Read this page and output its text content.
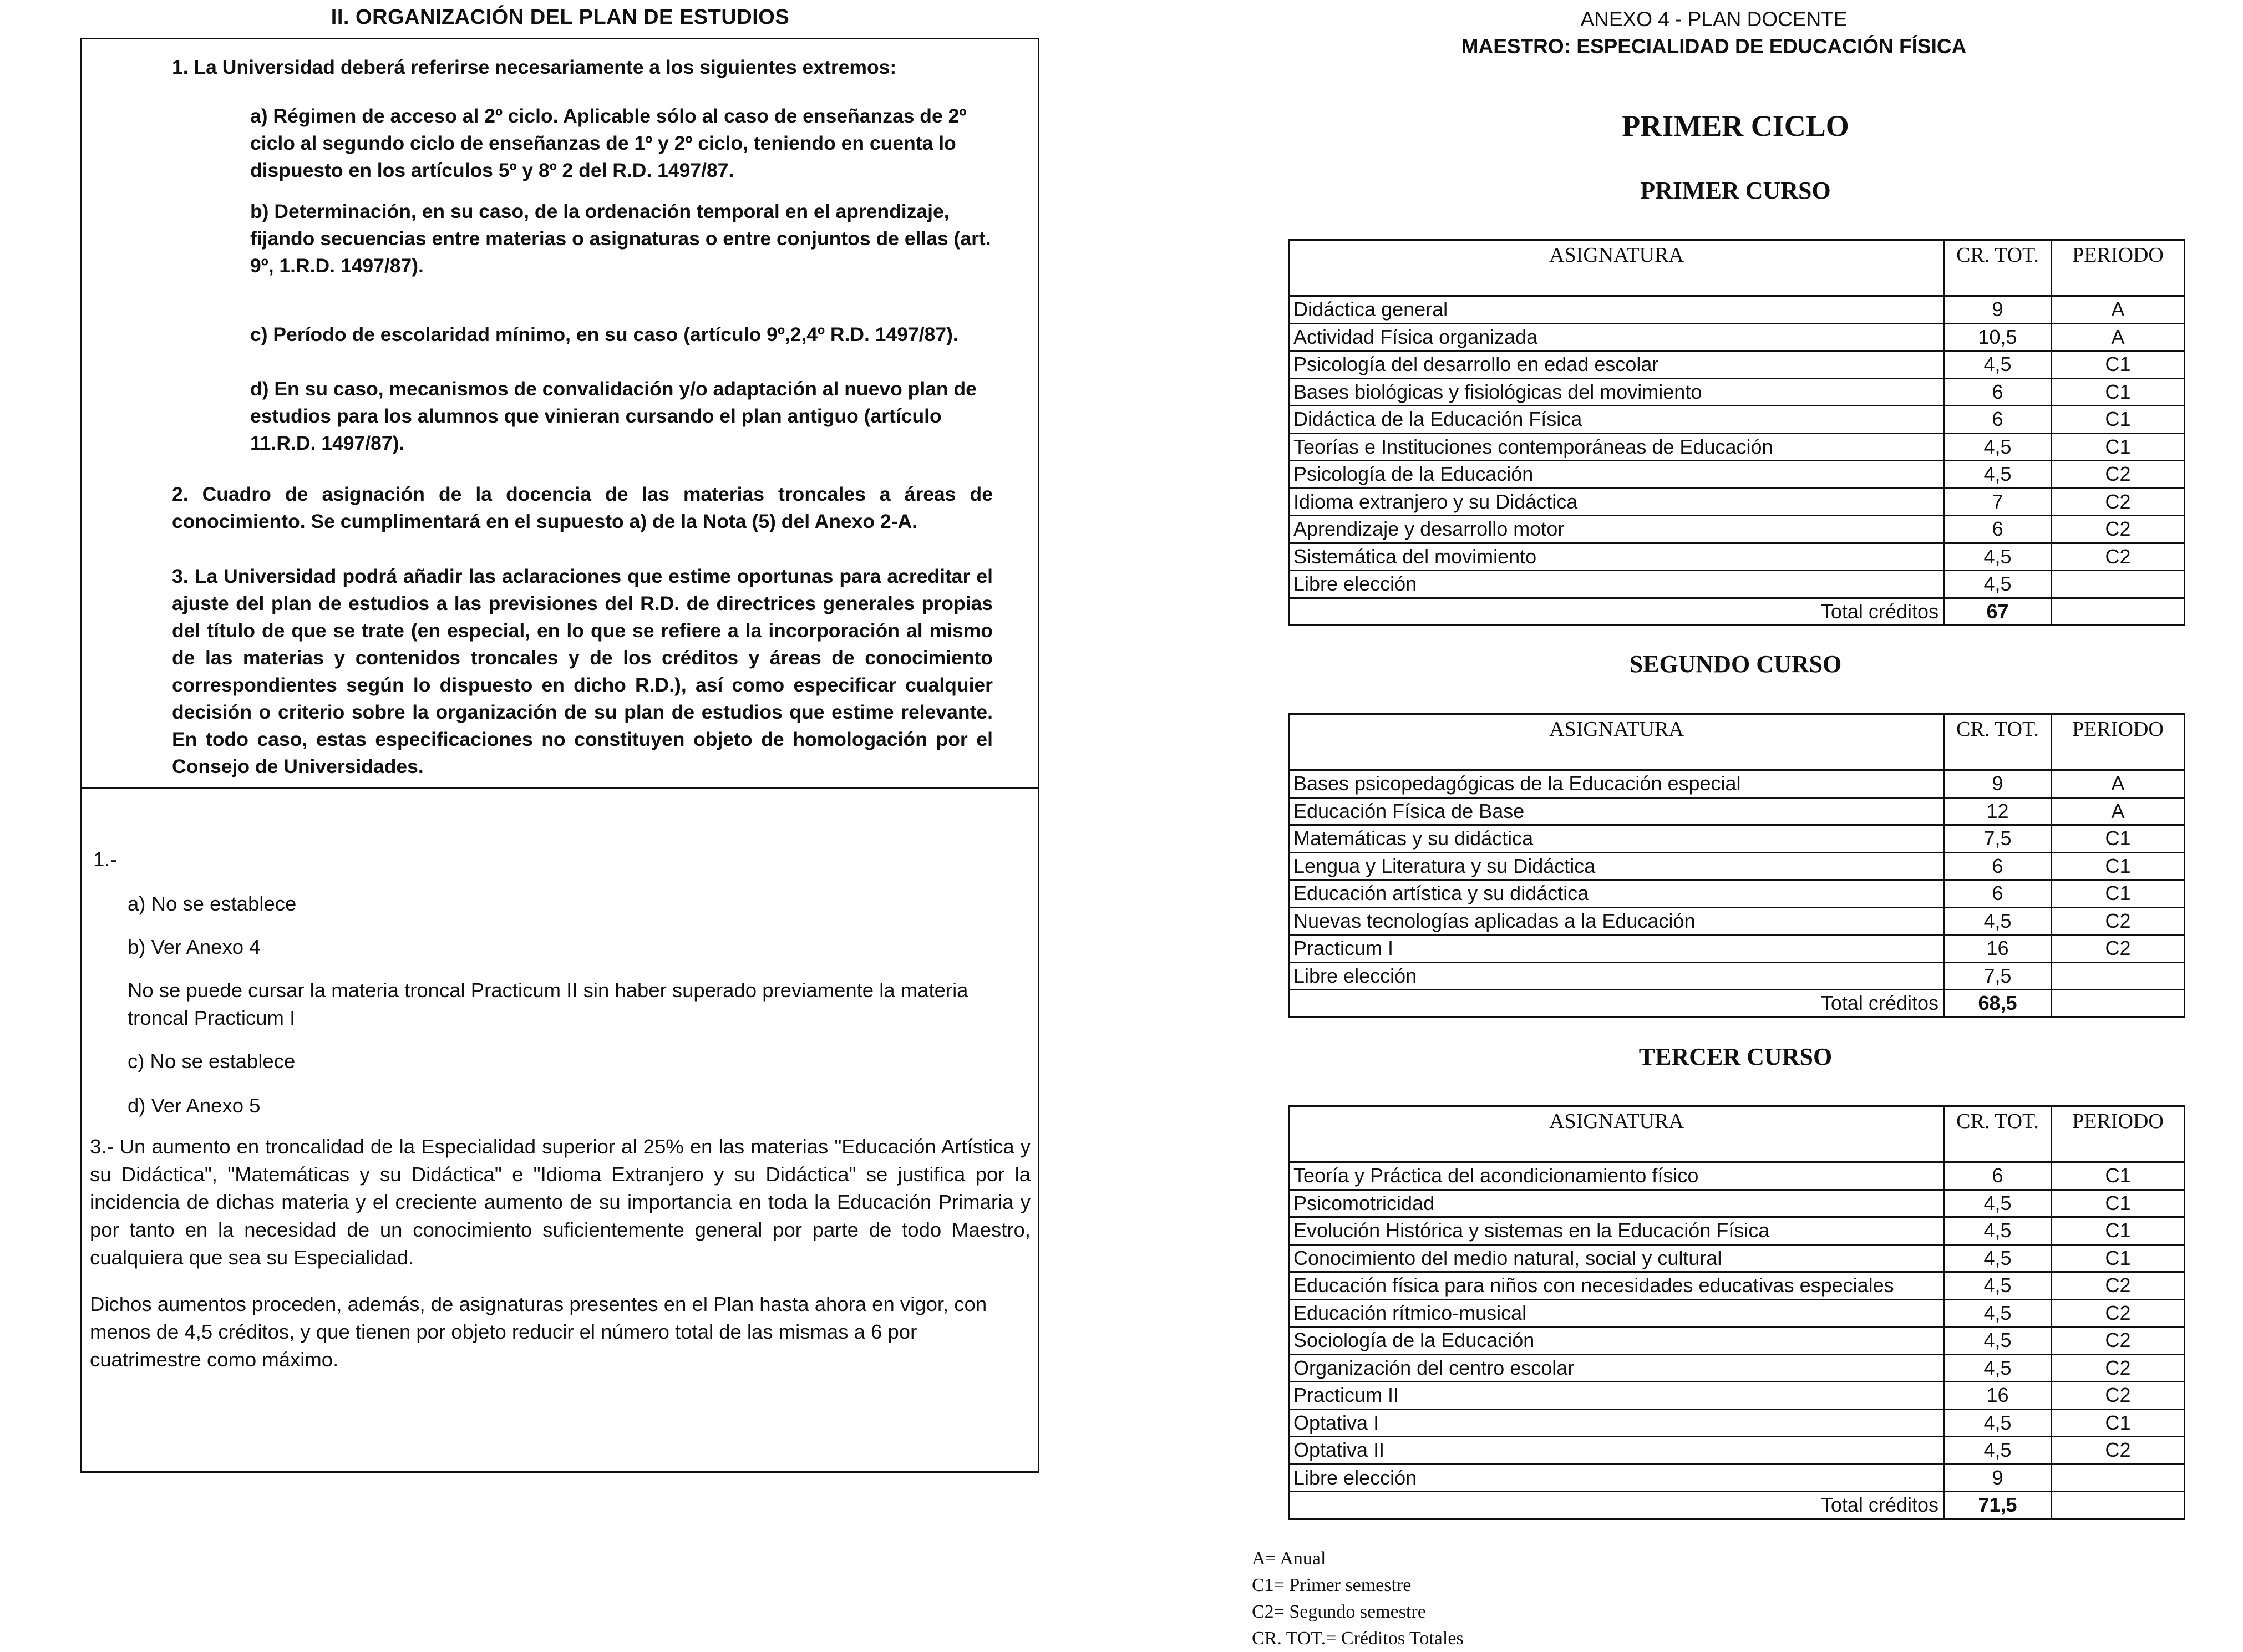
II. ORGANIZACIÓN DEL PLAN DE ESTUDIOS
1. La Universidad deberá referirse necesariamente a los siguientes extremos:
a) Régimen de acceso al 2º ciclo. Aplicable sólo al caso de enseñanzas de 2º ciclo al segundo ciclo de enseñanzas de 1º y 2º ciclo, teniendo en cuenta lo dispuesto en los artículos 5º y 8º 2 del R.D. 1497/87.
b) Determinación, en su caso, de la ordenación temporal en el aprendizaje, fijando secuencias entre materias o asignaturas o entre conjuntos de ellas (art. 9º, 1.R.D. 1497/87).
c) Período de escolaridad mínimo, en su caso (artículo 9º,2,4º R.D. 1497/87).
d) En su caso, mecanismos de convalidación y/o adaptación al nuevo plan de estudios para los alumnos que vinieran cursando el plan antiguo (artículo 11.R.D. 1497/87).
2. Cuadro de asignación de la docencia de las materias troncales a áreas de conocimiento. Se cumplimentará en el supuesto a) de la Nota (5) del Anexo 2-A.
3. La Universidad podrá añadir las aclaraciones que estime oportunas para acreditar el ajuste del plan de estudios a las previsiones del R.D. de directrices generales propias del título de que se trate (en especial, en lo que se refiere a la incorporación al mismo de las materias y contenidos troncales y de los créditos y áreas de conocimiento correspondientes según lo dispuesto en dicho R.D.), así como especificar cualquier decisión o criterio sobre la organización de su plan de estudios que estime relevante. En todo caso, estas especificaciones no constituyen objeto de homologación por el Consejo de Universidades.
1.-
a) No se establece
b) Ver Anexo 4
No se puede cursar la materia troncal Practicum II sin haber superado previamente la materia troncal Practicum I
c) No se establece
d) Ver Anexo 5
3.- Un aumento en troncalidad de la Especialidad superior al 25% en las materias "Educación Artística y su Didáctica", "Matemáticas y su Didáctica" e "Idioma Extranjero y su Didáctica" se justifica por la incidencia de dichas materia y el creciente aumento de su importancia en toda la Educación Primaria y por tanto en la necesidad de un conocimiento suficientemente general por parte de todo Maestro, cualquiera que sea su Especialidad.
Dichos aumentos proceden, además, de asignaturas presentes en el Plan hasta ahora en vigor, con menos de 4,5 créditos, y que tienen por objeto reducir el número total de las mismas a 6 por cuatrimestre como máximo.
ANEXO 4 - PLAN DOCENTE
MAESTRO: ESPECIALIDAD DE EDUCACIÓN FÍSICA
PRIMER CICLO
PRIMER CURSO
ASIGNATURA	CR. TOT.	PERIODO
Didáctica general	9	A
Actividad Física organizada	10,5	A
Psicología del desarrollo en edad escolar	4,5	C1
Bases biológicas y fisiológicas del movimiento	6	C1
Didáctica de la Educación Física	6	C1
Teorías e Instituciones contemporáneas de Educación	4,5	C1
Psicología de la Educación	4,5	C2
Idioma extranjero y su Didáctica	7	C2
Aprendizaje y desarrollo motor	6	C2
Sistemática del movimiento	4,5	C2
Libre elección	4,5	
Total créditos	67	
SEGUNDO CURSO
ASIGNATURA	CR. TOT.	PERIODO
Bases psicopedagógicas de la Educación especial	9	A
Educación Física de Base	12	A
Matemáticas y su didáctica	7,5	C1
Lengua y Literatura y su Didáctica	6	C1
Educación artística y su didáctica	6	C1
Nuevas tecnologías aplicadas a la Educación	4,5	C2
Practicum I	16	C2
Libre elección	7,5	
Total créditos	68,5	
TERCER CURSO
ASIGNATURA	CR. TOT.	PERIODO
Teoría y Práctica del acondicionamiento físico	6	C1
Psicomotricidad	4,5	C1
Evolución Histórica y sistemas en la Educación Física	4,5	C1
Conocimiento del medio natural, social y cultural	4,5	C1
Educación física para niños con necesidades educativas especiales	4,5	C2
Educación rítmico-musical	4,5	C2
Sociología de la Educación	4,5	C2
Organización del centro escolar	4,5	C2
Practicum II	16	C2
Optativa I	4,5	C1
Optativa II	4,5	C2
Libre elección	9	
Total créditos	71,5	
A= Anual
C1= Primer semestre
C2= Segundo semestre
CR. TOT.= Créditos Totales
